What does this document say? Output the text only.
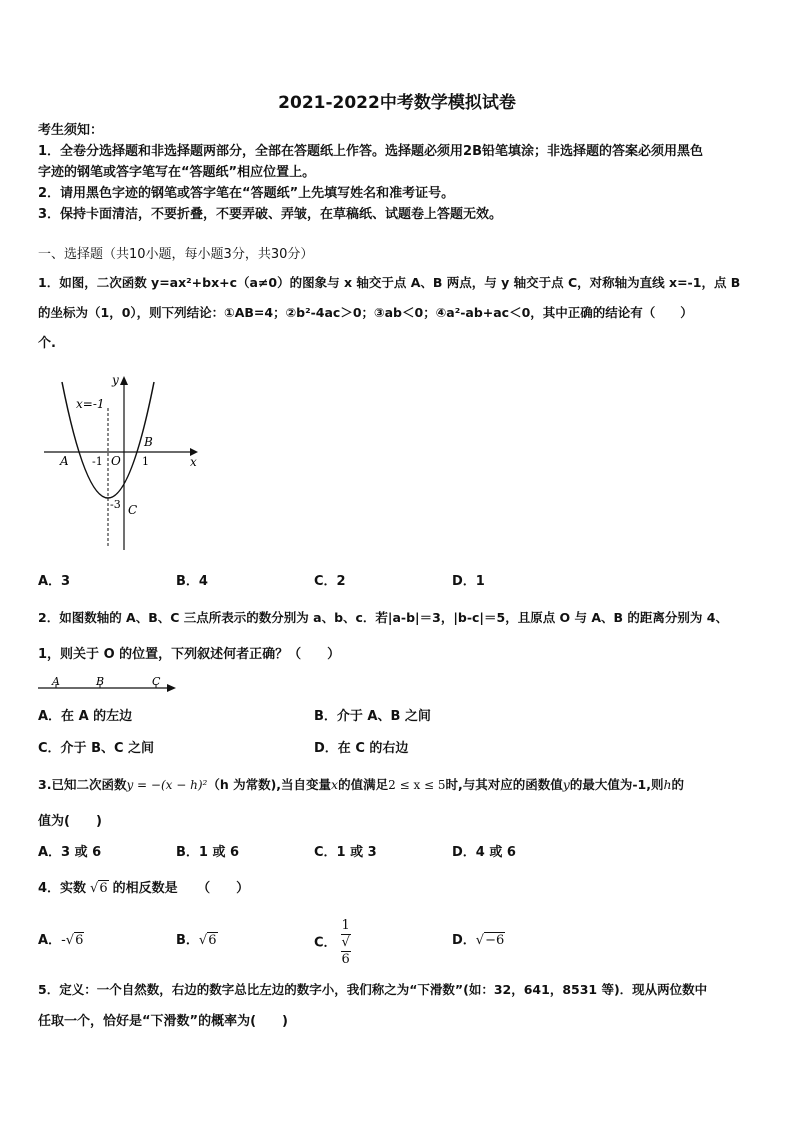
2021-2022中考数学模拟试卷
考生须知：
1．全卷分选择题和非选择题两部分，全部在答题纸上作答。选择题必须用2B铅笔填涂；非选择题的答案必须用黑色
字迹的钢笔或答字笔写在“答题纸”相应位置上。
2．请用黑色字迹的钢笔或答字笔在“答题纸”上先填写姓名和准考证号。
3．保持卡面清洁，不要折叠，不要弄破、弄皱，在草稿纸、试题卷上答题无效。
一、选择题（共10小题，每小题3分，共30分）
1．如图，二次函数 y=ax²+bx+c（a≠0）的图象与 x 轴交于点 A、B 两点，与 y 轴交于点 C，对称轴为直线 x=-1，点 B
的坐标为（1，0），则下列结论：①AB=4；②b²-4ac＞0；③ab＜0；④a²-ab+ac＜0，其中正确的结论有（　　）
个.
y
x
x=-1
A
B
C
O
-1	1
-3
A．3	B．4	C．2	D．1
2．如图数轴的 A、B、C 三点所表示的数分别为 a、b、c．若|a-b|＝3，|b-c|＝5，且原点 O 与 A、B 的距离分别为 4、
1，则关于 O 的位置，下列叙述何者正确？（　　）
A	B	C
A．在 A 的左边	B．介于 A、B 之间
C．介于 B、C 之间	D．在 C 的右边
3.已知二次函数y = −(x − h)²（h 为常数),当自变量x的值满足2 ≤ x ≤ 5时,与其对应的函数值y的最大值为-1,则h的
值为(　　)
A．3 或 6	B．1 或 6	C．1 或 3	D．4 或 6
4．实数 √6 的相反数是　　（　　）
A．-√6	B．√6	C． 1
√
6	D．√−6
5．定义：一个自然数，右边的数字总比左边的数字小，我们称之为“下滑数”(如：32，641，8531 等)．现从两位数中
任取一个，恰好是“下滑数”的概率为(　　)
